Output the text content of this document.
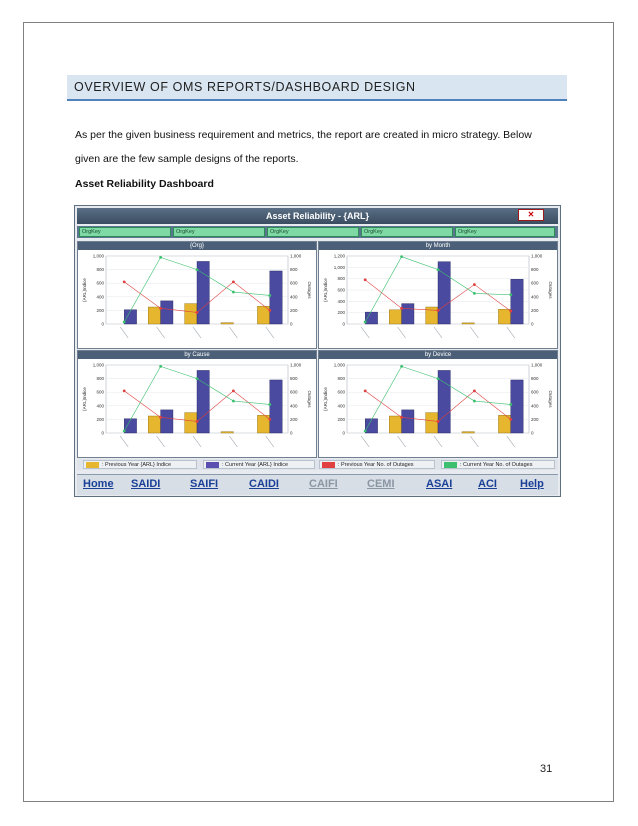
OVERVIEW OF OMS REPORTS/DASHBOARD DESIGN
As per the given business requirement and metrics, the report are created in micro strategy. Below
given are the few sample designs of the reports.
Asset Reliability Dashboard
Asset Reliability - {ARL}	✕
OrgKey	OrgKey	OrgKey	OrgKey	OrgKey
{Org}
0
200
400
600
800
1,000
0
200
400
600
800
1,000
{ARL}Indice	Outages
by Month
0
200
400
600
800
1,000
1,200
0
200
400
600
800
1,000
{ARL}Indice	Outages
by Cause
0
200
400
600
800
1,000
0
200
400
600
800
1,000
{ARL}Indice	Outages
by Device
0
200
400
600
800
1,000
0
200
400
600
800
1,000
{ARL}Indice	Outages
: Previous Year {ARL} Indice	: Current Year {ARL} Indice	: Previous Year No. of Outages	: Current Year No. of Outages
Home SAIDI	SAIFI	CAIDI	CAIFI	CEMI	ASAI ACI Help
31
